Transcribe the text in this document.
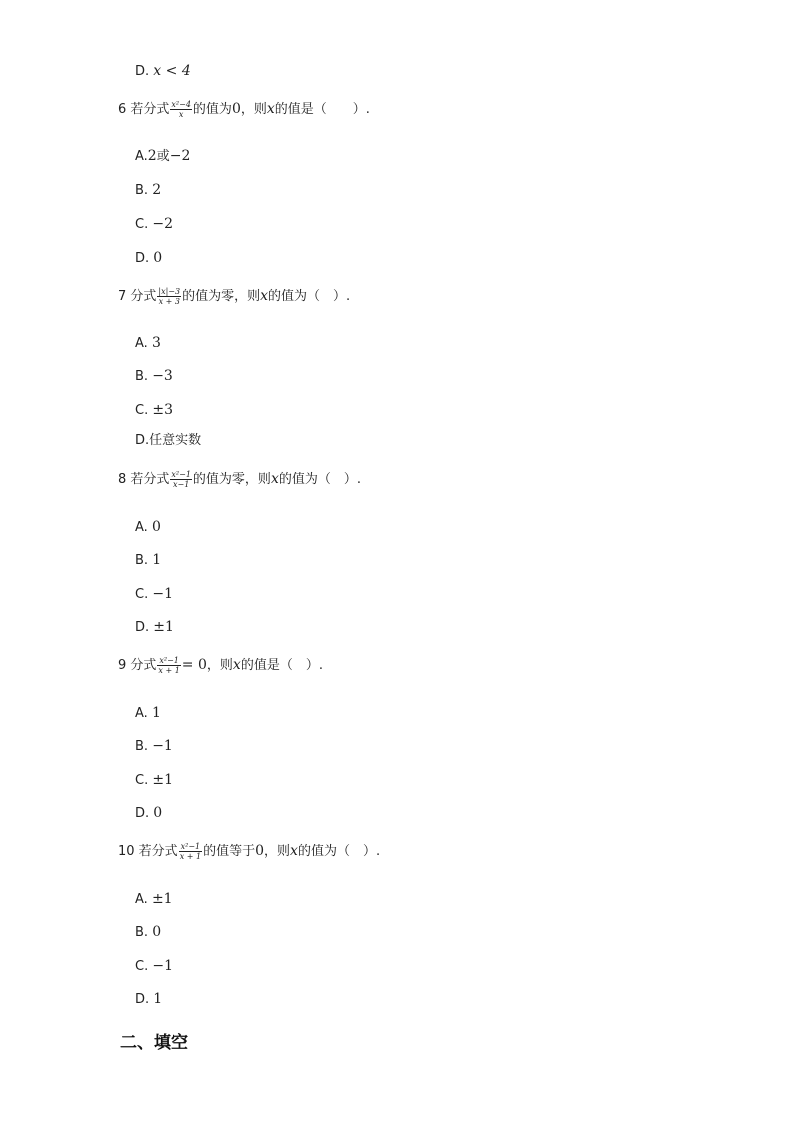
D. x < 4
6 若分式 $\frac{\text{x²−4}}{x}$ 的值为0，则x的值是（　　）.
A.2或−2
B. 2
C. −2
D. 0
7 分式 $\frac{|x|-3}{x + 3}$ 的值为零，则x的值为（　）.
A. 3
B. −3
C. ±3
D.任意实数
8 若分式 $\frac{\text{x²−1}}{x-1}$ 的值为零，则x的值为（　）.
A. 0
B. 1
C. −1
D. ±1
9 分式 $\frac{\text{x²−1}}{x + 1} = 0$，则x的值是（　）.
A. 1
B. −1
C. ±1
D. 0
10 若分式 $\frac{\text{x²−1}}{x + 1}$ 的值等于0，则x的值为（　）.
A. ±1
B. 0
C. −1
D. 1
二、填空
